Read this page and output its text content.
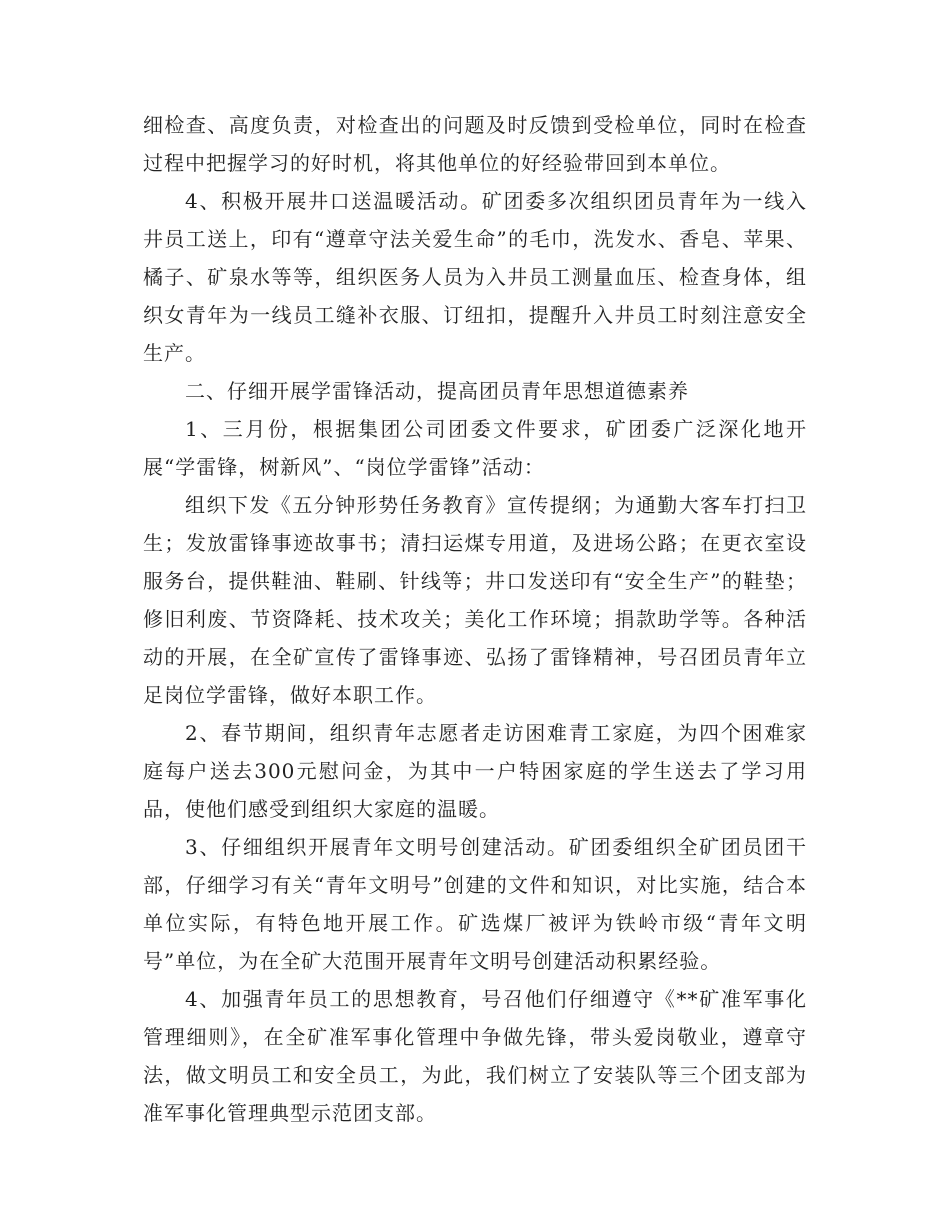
细检查、高度负责，对检查出的问题及时反馈到受检单位，同时在检查过程中把握学习的好时机，将其他单位的好经验带回到本单位。

4、积极开展井口送温暖活动。矿团委多次组织团员青年为一线入井员工送上，印有“遵章守法关爱生命”的毛巾，洗发水、香皂、苹果、橘子、矿泉水等等，组织医务人员为入井员工测量血压、检查身体，组织女青年为一线员工缝补衣服、订纽扣，提醒升入井员工时刻注意安全生产。

二、仔细开展学雷锋活动，提高团员青年思想道德素养

1、三月份，根据集团公司团委文件要求，矿团委广泛深化地开展“学雷锋，树新风”、“岗位学雷锋”活动：

组织下发《五分钟形势任务教育》宣传提纲；为通勤大客车打扫卫生；发放雷锋事迹故事书；清扫运煤专用道，及进场公路；在更衣室设服务台，提供鞋油、鞋刷、针线等；井口发送印有“安全生产”的鞋垫；修旧利废、节资降耗、技术攻关；美化工作环境；捐款助学等。各种活动的开展，在全矿宣传了雷锋事迹、弘扬了雷锋精神，号召团员青年立足岗位学雷锋，做好本职工作。

2、春节期间，组织青年志愿者走访困难青工家庭，为四个困难家庭每户送去300元慰问金，为其中一户特困家庭的学生送去了学习用品，使他们感受到组织大家庭的温暖。

3、仔细组织开展青年文明号创建活动。矿团委组织全矿团员团干部，仔细学习有关“青年文明号”创建的文件和知识，对比实施，结合本单位实际，有特色地开展工作。矿选煤厂被评为铁岭市级“青年文明号”单位，为在全矿大范围开展青年文明号创建活动积累经验。

4、加强青年员工的思想教育，号召他们仔细遵守《**矿准军事化管理细则》，在全矿准军事化管理中争做先锋，带头爱岗敬业，遵章守法，做文明员工和安全员工，为此，我们树立了安装队等三个团支部为准军事化管理典型示范团支部。
